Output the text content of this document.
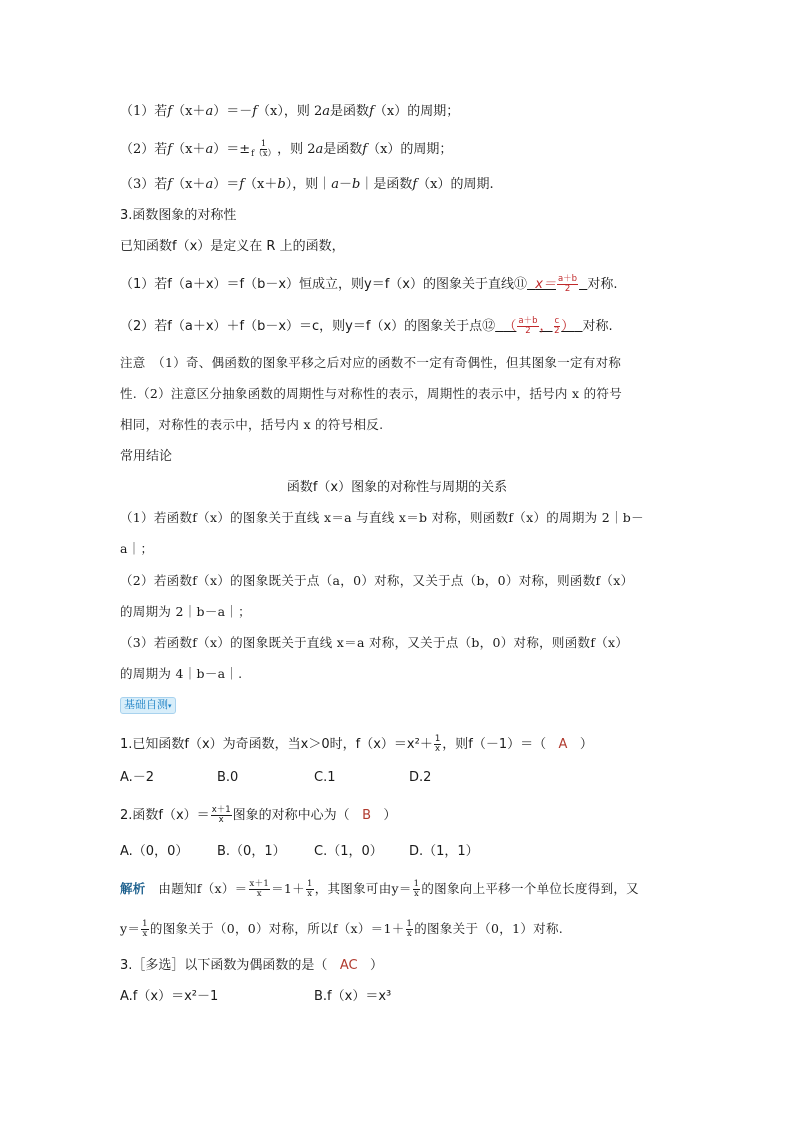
（1）若f（x＋a）＝－f（x），则 2a是函数f（x）的周期；
（2）若$f(x+a)=\pm \frac{1}{f(x)}$ ，则 2a是函数f（x）的周期；
（3）若f（x＋a）＝f（x＋b），则｜a－b｜是函数f（x）的周期.
3.函数图象的对称性
已知函数f（x）是定义在 R 上的函数，
（1）若f（a＋x）＝f（b－x）恒成立，则y＝f（x）的图象关于直线⑪ $x= \frac{a+b}{2}$ 对称.
（2）若f（a＋x）＋f（b－x）＝c，则y＝f（x）的图象关于点⑫ （ $\frac{a+b}{2}$ ， $\frac{c}{2}$ ） 对称.
注意　（1）奇、偶函数的图象平移之后对应的函数不一定有奇偶性，但其图象一定有对称
性.（2）注意区分抽象函数的周期性与对称性的表示，周期性的表示中，括号内 x 的符号
相同，对称性的表示中，括号内 x 的符号相反.
常用结论
函数f（x）图象的对称性与周期的关系
（1）若函数f（x）的图象关于直线 x＝a 与直线 x＝b 对称，则函数f（x）的周期为 2｜b－
a｜；
（2）若函数f（x）的图象既关于点（a，0）对称，又关于点（b，0）对称，则函数f（x）
的周期为 2｜b－a｜；
（3）若函数f（x）的图象既关于直线 x＝a 对称，又关于点（b，0）对称，则函数f（x）
的周期为 4｜b－a｜.
基础自测▾
1.已知函数f（x）为奇函数，当x＞0时，$f(x)=x^2+ \frac{1}{x}$ ，则f（－1）＝（ A ）
A.－2	B.0	C.1	D.2
2.函数$f(x)= \frac{x+1}{x}$ 图象的对称中心为（ B ）
A.（0，0） B.（0，1） C.（1，0） D.（1，1）
解析　由题知$f(x)= \frac{x+1}{x} =1+ \frac{1}{x}$ ，其图象可由$y= \frac{1}{x}$ 的图象向上平移一个单位长度得到，又
$y= \frac{1}{x}$ 的图象关于（0，0）对称，所以$f(x)=1+ \frac{1}{x}$ 的图象关于（0，1）对称.
3.［多选］以下函数为偶函数的是（ AC ）
A.f（x）＝x²－1	B.f（x）＝x³
